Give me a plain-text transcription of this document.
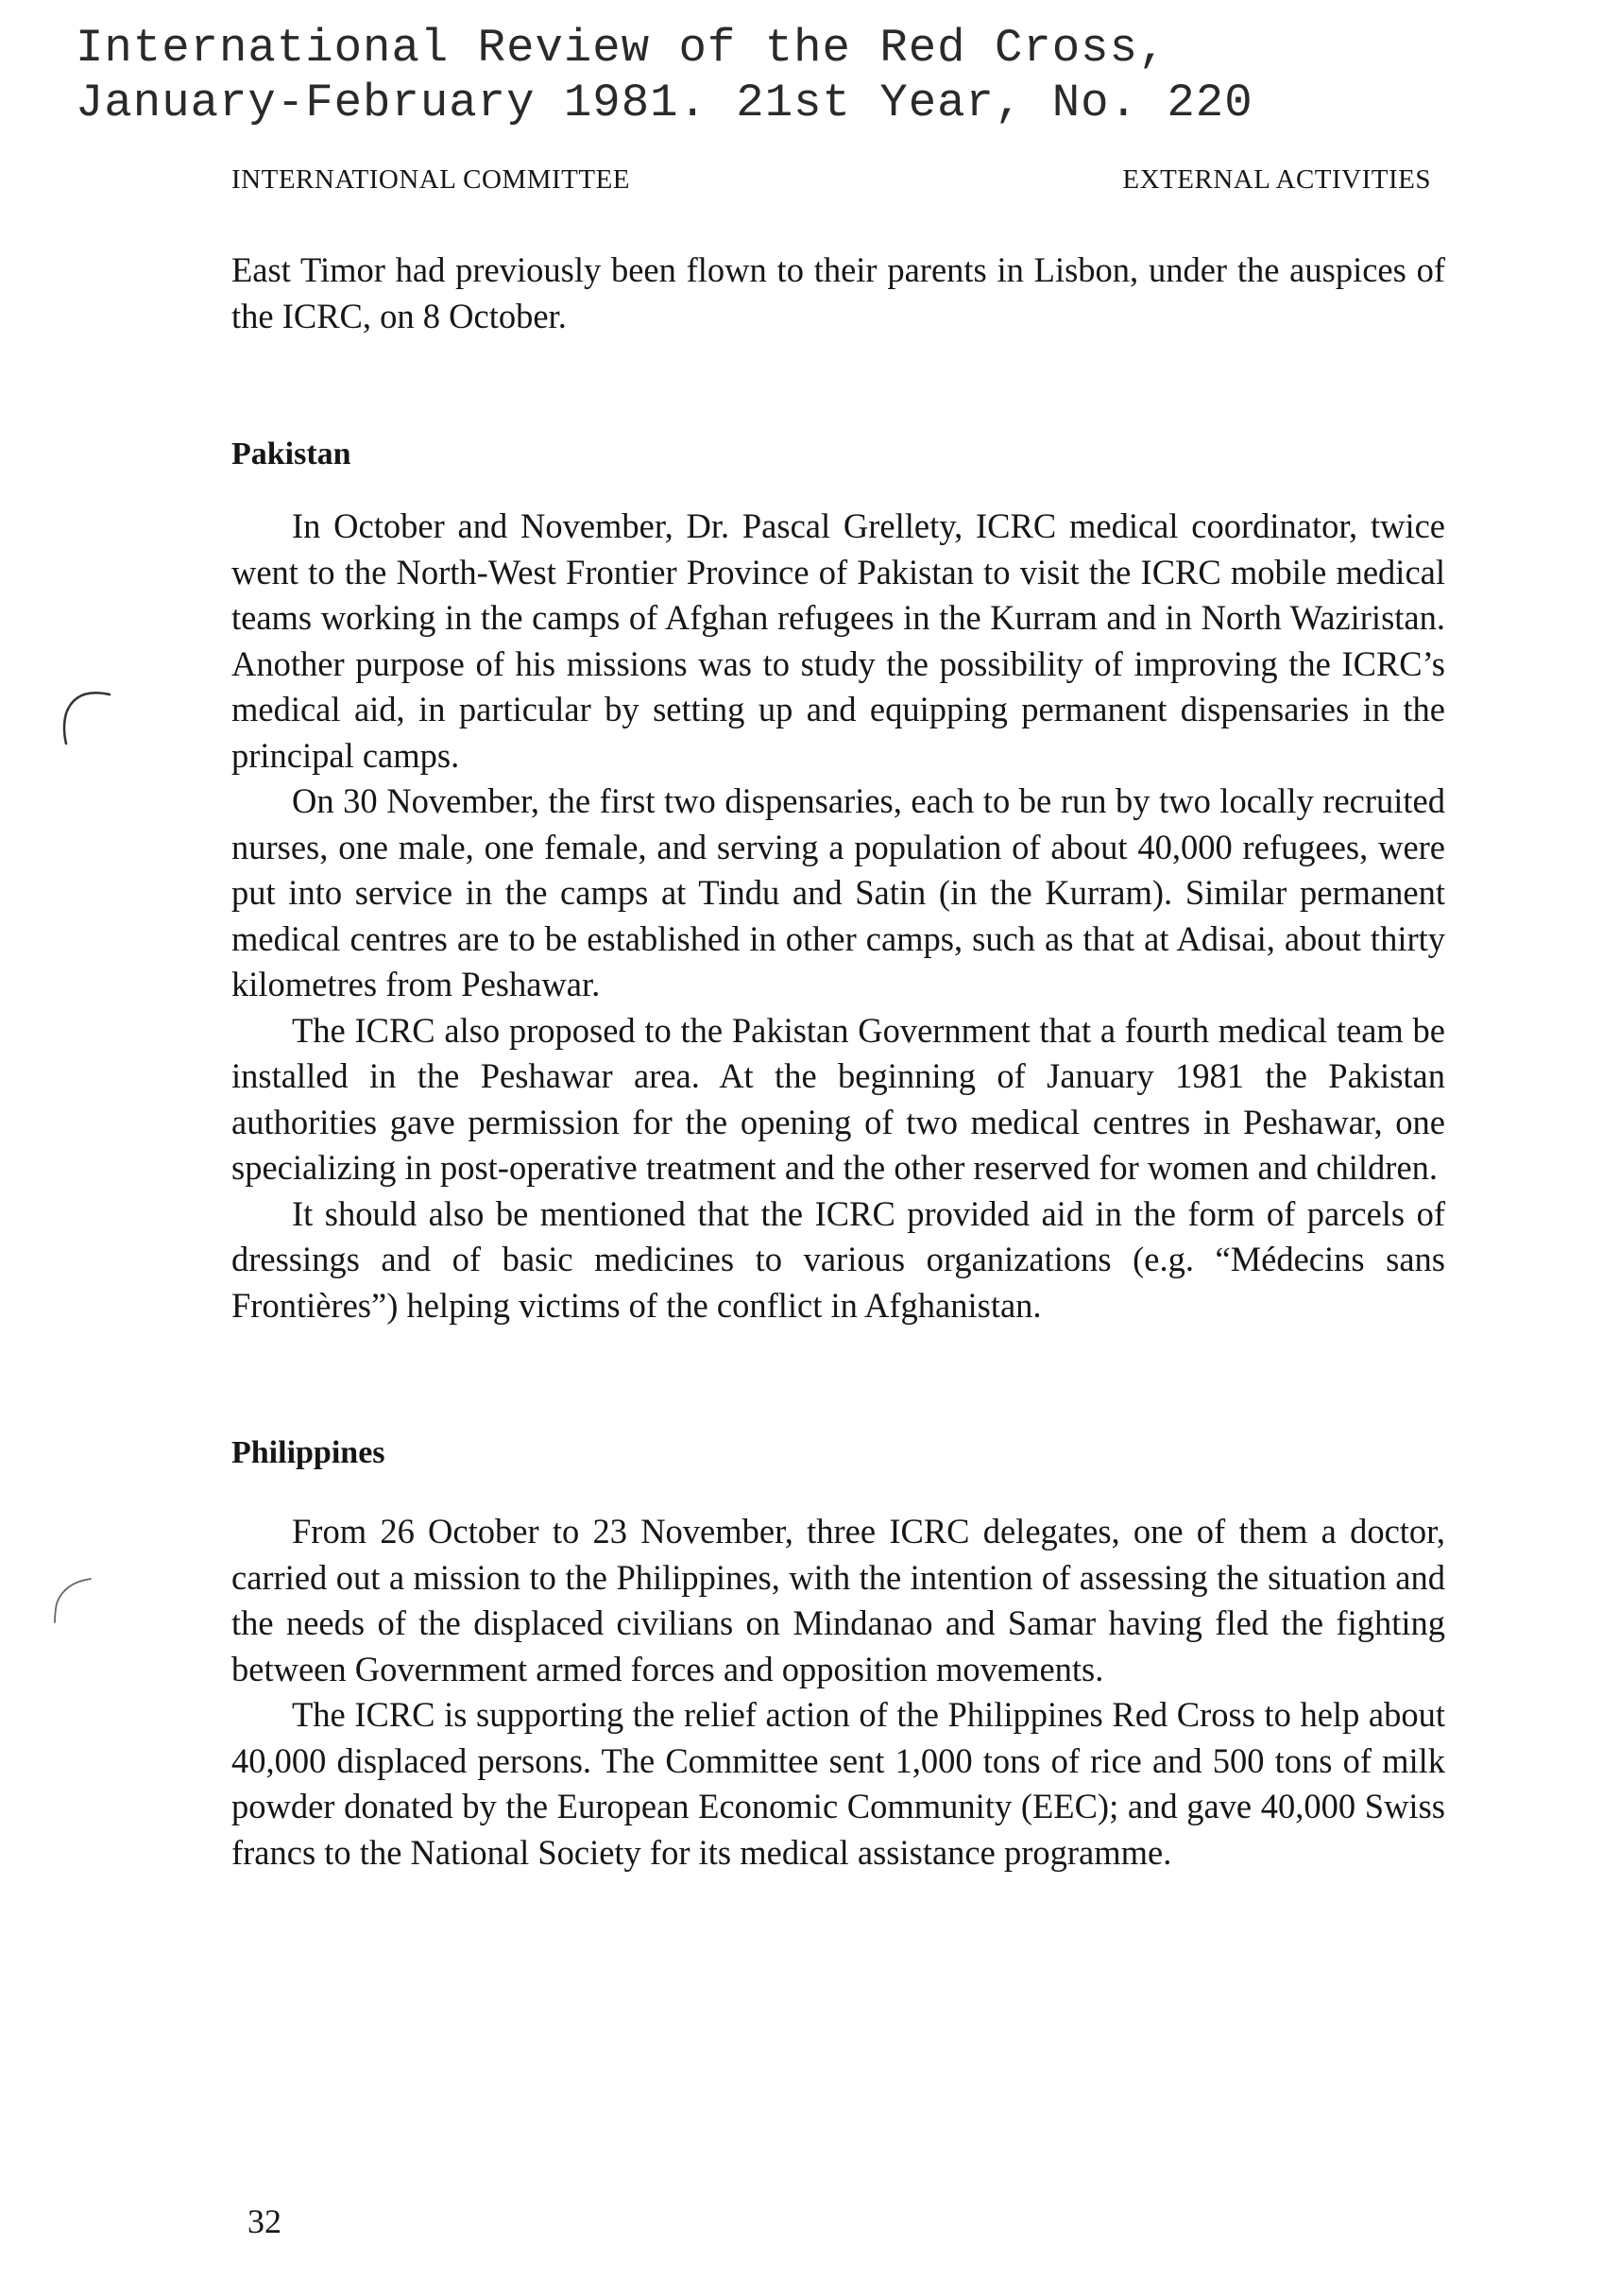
International Review of the Red Cross,
January-February 1981. 21st Year, No. 220
INTERNATIONAL COMMITTEE	EXTERNAL ACTIVITIES

East Timor had previously been flown to their parents in Lisbon, under the auspices of the ICRC, on 8 October.

Pakistan

In October and November, Dr. Pascal Grellety, ICRC medical coordinator, twice went to the North-West Frontier Province of Pakistan to visit the ICRC mobile medical teams working in the camps of Afghan refugees in the Kurram and in North Waziristan. Another purpose of his missions was to study the possibility of improving the ICRC’s medical aid, in particular by setting up and equipping permanent dispensaries in the principal camps.

On 30 November, the first two dispensaries, each to be run by two locally recruited nurses, one male, one female, and serving a population of about 40,000 refugees, were put into service in the camps at Tindu and Satin (in the Kurram). Similar permanent medical centres are to be established in other camps, such as that at Adisai, about thirty kilometres from Peshawar.

The ICRC also proposed to the Pakistan Government that a fourth medical team be installed in the Peshawar area. At the beginning of January 1981 the Pakistan authorities gave permission for the opening of two medical centres in Peshawar, one specializing in post-operative treatment and the other reserved for women and children.

It should also be mentioned that the ICRC provided aid in the form of parcels of dressings and of basic medicines to various organizations (e.g. “Médecins sans Frontières”) helping victims of the conflict in Afghanistan.

Philippines

From 26 October to 23 November, three ICRC delegates, one of them a doctor, carried out a mission to the Philippines, with the intention of assessing the situation and the needs of the displaced civilians on Mindanao and Samar having fled the fighting between Government armed forces and opposition movements.

The ICRC is supporting the relief action of the Philippines Red Cross to help about 40,000 displaced persons. The Committee sent 1,000 tons of rice and 500 tons of milk powder donated by the European Economic Community (EEC); and gave 40,000 Swiss francs to the National Society for its medical assistance programme.

32
